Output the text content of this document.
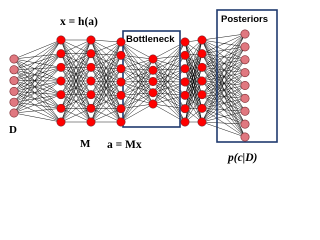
D
x = h(a)
M a = Mx
Bottleneck
Posteriors
p(c|D)
